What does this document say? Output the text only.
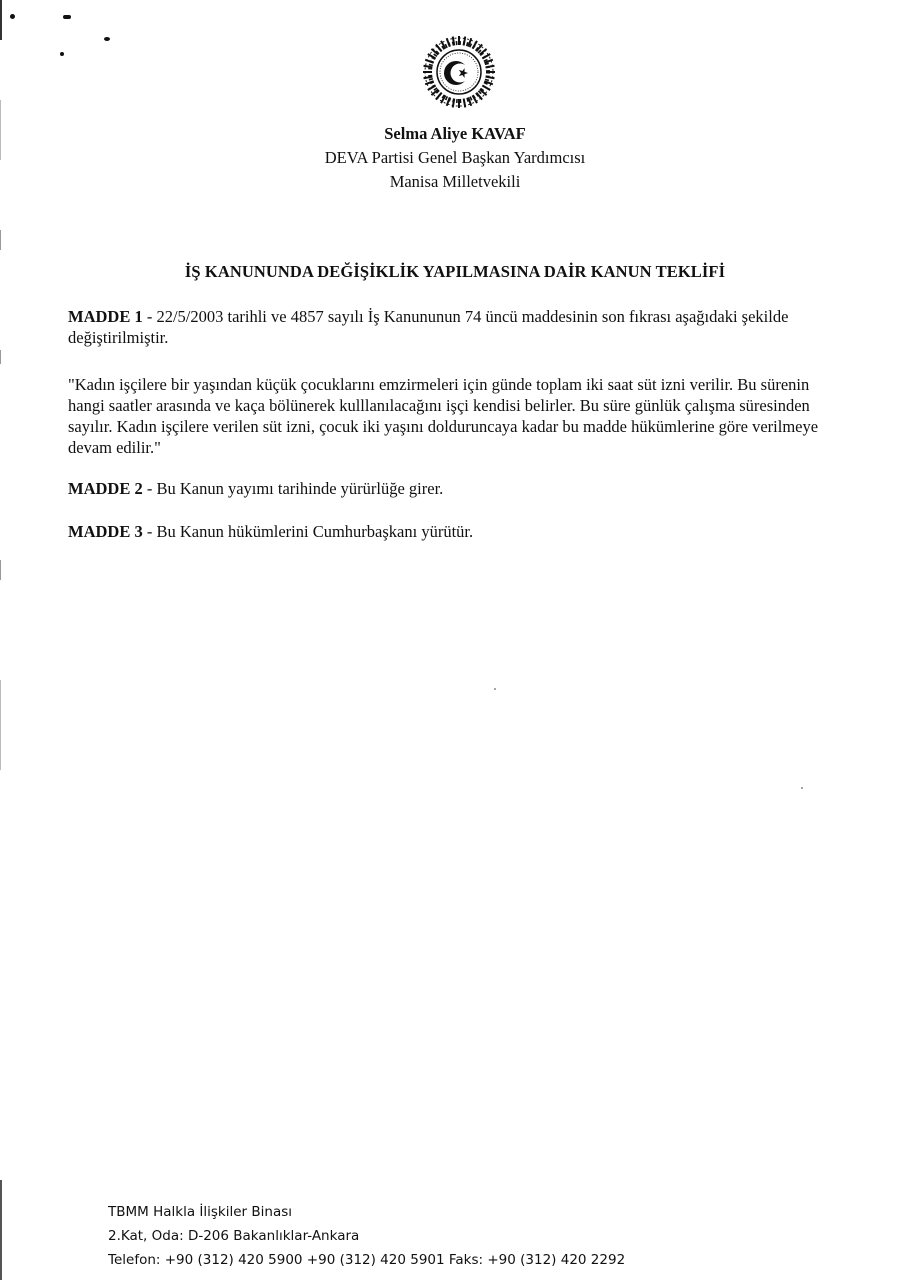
Selma Aliye KAVAF
DEVA Partisi Genel Başkan Yardımcısı
Manisa Milletvekili
İŞ KANUNUNDA DEĞİŞİKLİK YAPILMASINA DAİR KANUN TEKLİFİ
MADDE 1 - 22/5/2003 tarihli ve 4857 sayılı İş Kanununun 74 üncü maddesinin son fıkrası aşağıdaki şekilde değiştirilmiştir.
"Kadın işçilere bir yaşından küçük çocuklarını emzirmeleri için günde toplam iki saat süt izni verilir. Bu sürenin hangi saatler arasında ve kaça bölünerek kulllanılacağını işçi kendisi belirler. Bu süre günlük çalışma süresinden sayılır. Kadın işçilere verilen süt izni, çocuk iki yaşını dolduruncaya kadar bu madde hükümlerine göre verilmeye devam edilir."
MADDE 2 - Bu Kanun yayımı tarihinde yürürlüğe girer.
MADDE 3 - Bu Kanun hükümlerini Cumhurbaşkanı yürütür.
TBMM Halkla İlişkiler Binası
2.Kat, Oda: D-206 Bakanlıklar-Ankara
Telefon: +90 (312) 420 5900 +90 (312) 420 5901 Faks: +90 (312) 420 2292
